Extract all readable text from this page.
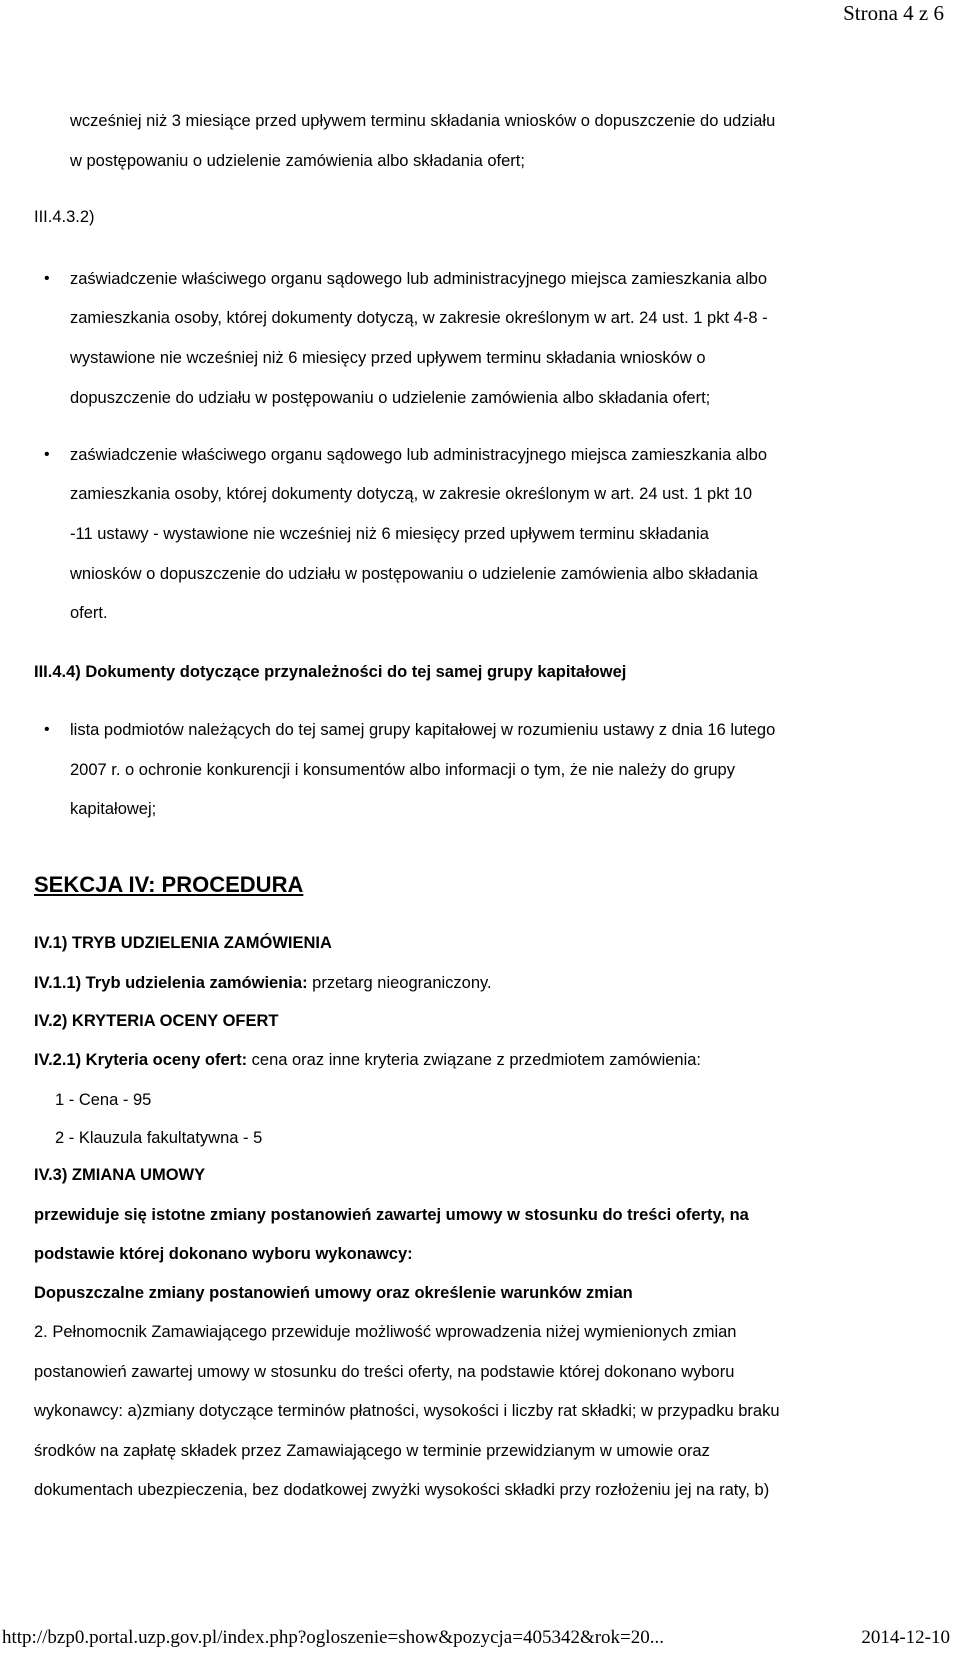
Strona 4 z 6
wcześniej niż 3 miesiące przed upływem terminu składania wniosków o dopuszczenie do udziału
w postępowaniu o udzielenie zamówienia albo składania ofert;
III.4.3.2)
• zaświadczenie właściwego organu sądowego lub administracyjnego miejsca zamieszkania albo
zamieszkania osoby, której dokumenty dotyczą, w zakresie określonym w art. 24 ust. 1 pkt 4-8 -
wystawione nie wcześniej niż 6 miesięcy przed upływem terminu składania wniosków o
dopuszczenie do udziału w postępowaniu o udzielenie zamówienia albo składania ofert;
• zaświadczenie właściwego organu sądowego lub administracyjnego miejsca zamieszkania albo
zamieszkania osoby, której dokumenty dotyczą, w zakresie określonym w art. 24 ust. 1 pkt 10
-11 ustawy - wystawione nie wcześniej niż 6 miesięcy przed upływem terminu składania
wniosków o dopuszczenie do udziału w postępowaniu o udzielenie zamówienia albo składania
ofert.
III.4.4) Dokumenty dotyczące przynależności do tej samej grupy kapitałowej
• lista podmiotów należących do tej samej grupy kapitałowej w rozumieniu ustawy z dnia 16 lutego
2007 r. o ochronie konkurencji i konsumentów albo informacji o tym, że nie należy do grupy
kapitałowej;
SEKCJA IV: PROCEDURA
IV.1) TRYB UDZIELENIA ZAMÓWIENIA
IV.1.1) Tryb udzielenia zamówienia: przetarg nieograniczony.
IV.2) KRYTERIA OCENY OFERT
IV.2.1) Kryteria oceny ofert: cena oraz inne kryteria związane z przedmiotem zamówienia:
1 - Cena - 95
2 - Klauzula fakultatywna - 5
IV.3) ZMIANA UMOWY
przewiduje się istotne zmiany postanowień zawartej umowy w stosunku do treści oferty, na
podstawie której dokonano wyboru wykonawcy:
Dopuszczalne zmiany postanowień umowy oraz określenie warunków zmian
2. Pełnomocnik Zamawiającego przewiduje możliwość wprowadzenia niżej wymienionych zmian
postanowień zawartej umowy w stosunku do treści oferty, na podstawie której dokonano wyboru
wykonawcy: a)zmiany dotyczące terminów płatności, wysokości i liczby rat składki; w przypadku braku
środków na zapłatę składek przez Zamawiającego w terminie przewidzianym w umowie oraz
dokumentach ubezpieczenia, bez dodatkowej zwyżki wysokości składki przy rozłożeniu jej na raty, b)
http://bzp0.portal.uzp.gov.pl/index.php?ogloszenie=show&pozycja=405342&rok=20...	2014-12-10
